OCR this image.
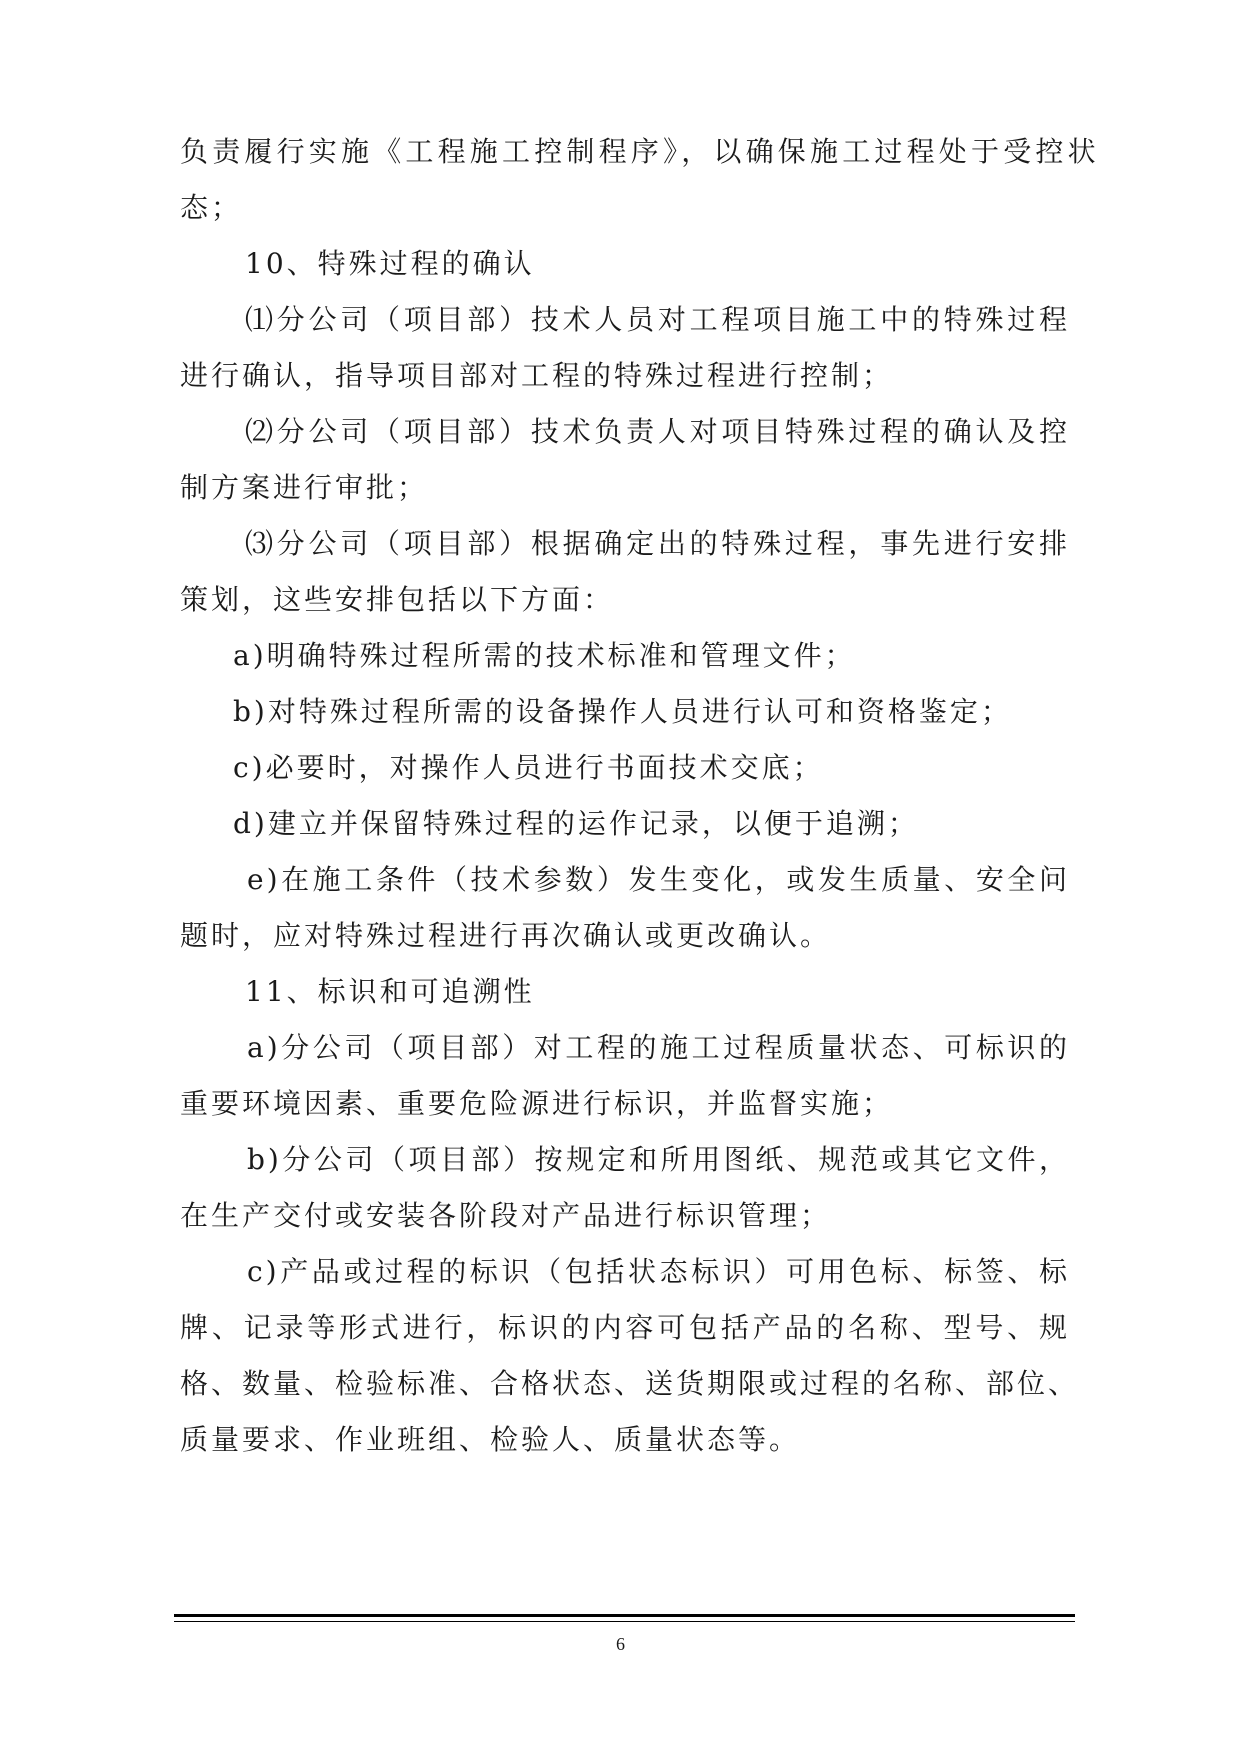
负责履行实施《工程施工控制程序》，以确保施工过程处于受控状
态；
10、特殊过程的确认
⑴分公司（项目部）技术人员对工程项目施工中的特殊过程
进行确认，指导项目部对工程的特殊过程进行控制；
⑵分公司（项目部）技术负责人对项目特殊过程的确认及控
制方案进行审批；
⑶分公司（项目部）根据确定出的特殊过程，事先进行安排
策划，这些安排包括以下方面：
a)明确特殊过程所需的技术标准和管理文件；
b)对特殊过程所需的设备操作人员进行认可和资格鉴定；
c)必要时，对操作人员进行书面技术交底；
d)建立并保留特殊过程的运作记录，以便于追溯；
e)在施工条件（技术参数）发生变化，或发生质量、安全问
题时，应对特殊过程进行再次确认或更改确认。
11、标识和可追溯性
a)分公司（项目部）对工程的施工过程质量状态、可标识的
重要环境因素、重要危险源进行标识，并监督实施；
b)分公司（项目部）按规定和所用图纸、规范或其它文件，
在生产交付或安装各阶段对产品进行标识管理；
c)产品或过程的标识（包括状态标识）可用色标、标签、标
牌、记录等形式进行，标识的内容可包括产品的名称、型号、规
格、数量、检验标准、合格状态、送货期限或过程的名称、部位、
质量要求、作业班组、检验人、质量状态等。
6
